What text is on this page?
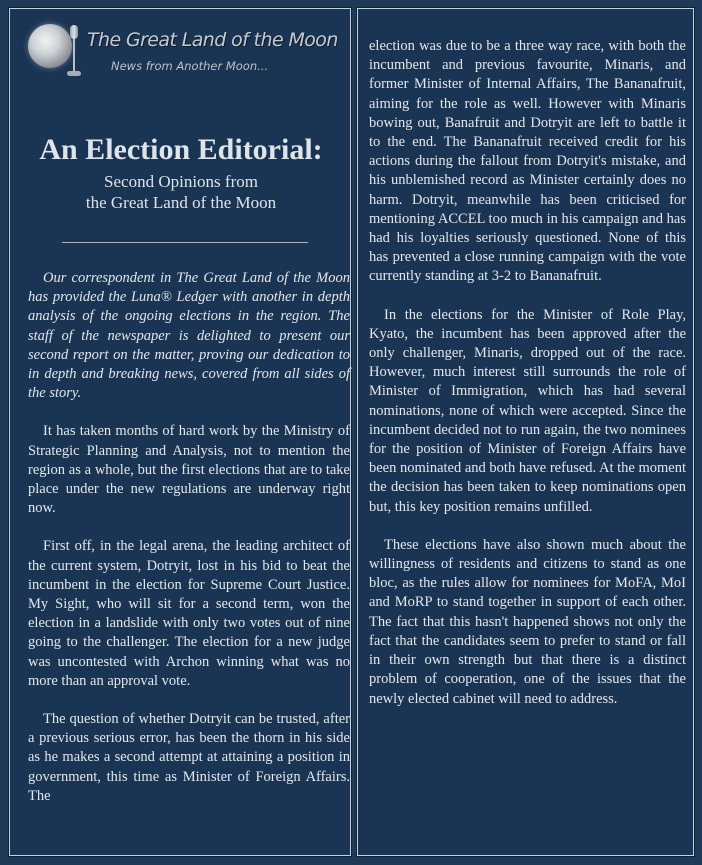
The Great Land of the Moon
News from Another Moon...
An Election Editorial:
Second Opinions from
the Great Land of the Moon

Our correspondent in The Great Land of the Moon has provided the Luna® Ledger with another in depth analysis of the ongoing elections in the region. The staff of the newspaper is delighted to present our second report on the matter, proving our dedication to in depth and breaking news, covered from all sides of the story.

It has taken months of hard work by the Ministry of Strategic Planning and Analysis, not to mention the region as a whole, but the first elections that are to take place under the new regulations are underway right now.

First off, in the legal arena, the leading architect of the current system, Dotryit, lost in his bid to beat the incumbent in the election for Supreme Court Justice. My Sight, who will sit for a second term, won the election in a landslide with only two votes out of nine going to the challenger. The election for a new judge was uncontested with Archon winning what was no more than an approval vote.

The question of whether Dotryit can be trusted, after a previous serious error, has been the thorn in his side as he makes a second attempt at attaining a position in government, this time as Minister of Foreign Affairs. The

election was due to be a three way race, with both the incumbent and previous favourite, Minaris, and former Minister of Internal Affairs, The Bananafruit, aiming for the role as well. However with Minaris bowing out, Banafruit and Dotryit are left to battle it to the end. The Bananafruit received credit for his actions during the fallout from Dotryit's mistake, and his unblemished record as Minister certainly does no harm. Dotryit, meanwhile has been criticised for mentioning ACCEL too much in his campaign and has had his loyalties seriously questioned. None of this has prevented a close running campaign with the vote currently standing at 3-2 to Bananafruit.

In the elections for the Minister of Role Play, Kyato, the incumbent has been approved after the only challenger, Minaris, dropped out of the race. However, much interest still surrounds the role of Minister of Immigration, which has had several nominations, none of which were accepted. Since the incumbent decided not to run again, the two nominees for the position of Minister of Foreign Affairs have been nominated and both have refused. At the moment the decision has been taken to keep nominations open but, this key position remains unfilled.

These elections have also shown much about the willingness of residents and citizens to stand as one bloc, as the rules allow for nominees for MoFA, MoI and MoRP to stand together in support of each other. The fact that this hasn't happened shows not only the fact that the candidates seem to prefer to stand or fall in their own strength but that there is a distinct problem of cooperation, one of the issues that the newly elected cabinet will need to address.
